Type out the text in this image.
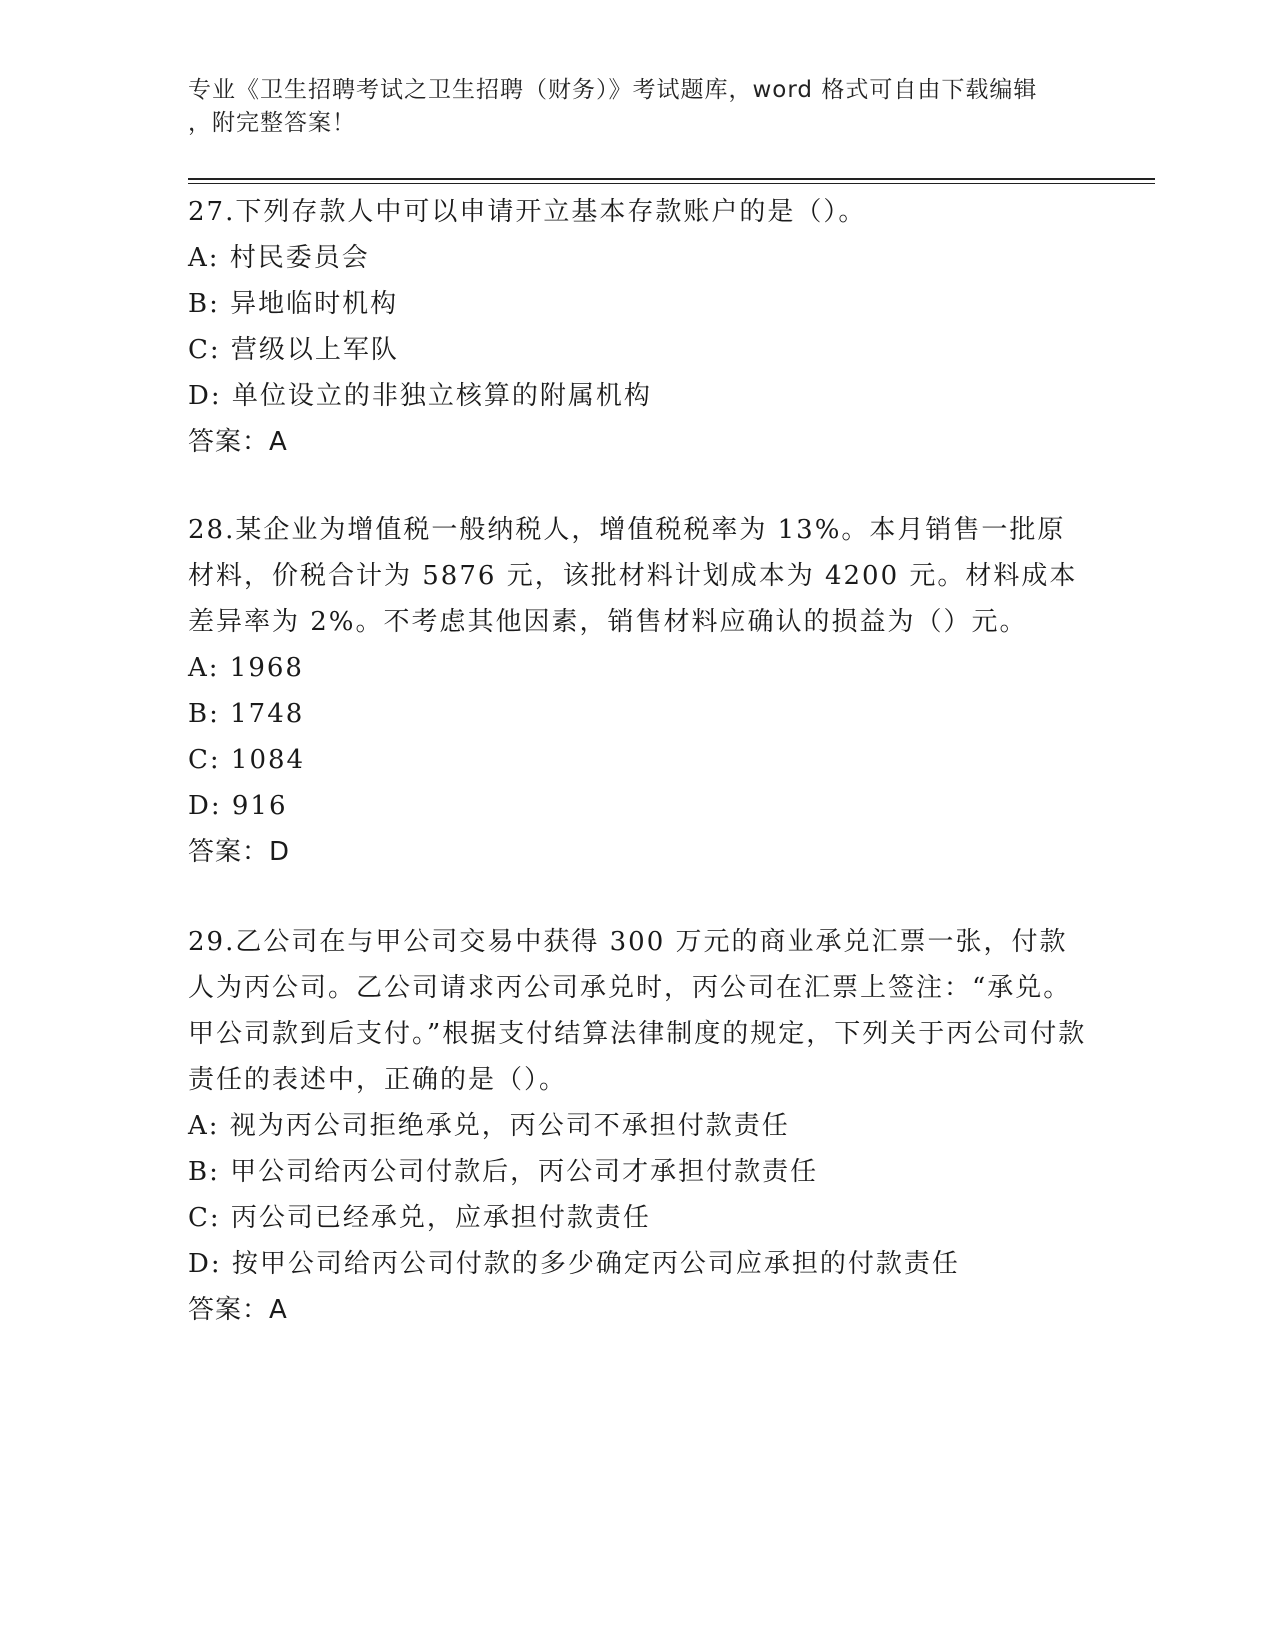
专业《卫生招聘考试之卫生招聘（财务）》考试题库，word 格式可自由下载编辑
，附完整答案！
27.下列存款人中可以申请开立基本存款账户的是（）。
A: 村民委员会
B: 异地临时机构
C: 营级以上军队
D: 单位设立的非独立核算的附属机构
答案：A
28.某企业为增值税一般纳税人，增值税税率为 13%。本月销售一批原材料，价税合计为 5876 元，该批材料计划成本为 4200 元。材料成本差异率为 2%。不考虑其他因素，销售材料应确认的损益为（）元。
A: 1968
B: 1748
C: 1084
D: 916
答案：D
29.乙公司在与甲公司交易中获得 300 万元的商业承兑汇票一张，付款人为丙公司。乙公司请求丙公司承兑时，丙公司在汇票上签注：“承兑。甲公司款到后支付。”根据支付结算法律制度的规定，下列关于丙公司付款责任的表述中，正确的是（）。
A: 视为丙公司拒绝承兑，丙公司不承担付款责任
B: 甲公司给丙公司付款后，丙公司才承担付款责任
C: 丙公司已经承兑，应承担付款责任
D: 按甲公司给丙公司付款的多少确定丙公司应承担的付款责任
答案：A
